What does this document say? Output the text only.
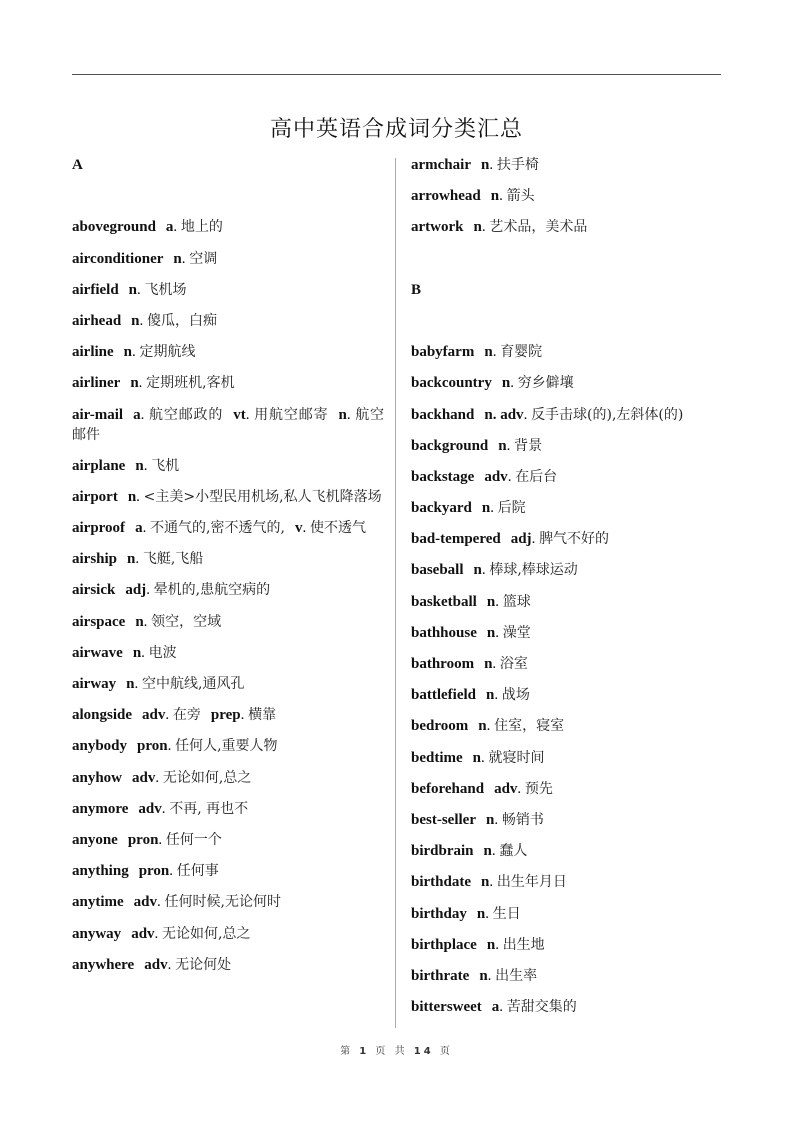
高中英语合成词分类汇总
A
aboveground a. 地上的
airconditioner n. 空调
airfield n. 飞机场
airhead n. 傻瓜，白痴
airline n. 定期航线
airliner n. 定期班机,客机
air-mail a. 航空邮政的 vt. 用航空邮寄 n. 航空邮件
airplane n. 飞机
airport n. <主美>小型民用机场,私人飞机降落场
airproof a. 不通气的,密不透气的, v. 使不透气
airship n. 飞艇,飞船
airsick adj. 晕机的,患航空病的
airspace n. 领空，空域
airwave n. 电波
airway n. 空中航线,通风孔
alongside adv. 在旁 prep. 横靠
anybody pron. 任何人,重要人物
anyhow adv. 无论如何,总之
anymore adv. 不再, 再也不
anyone pron. 任何一个
anything pron. 任何事
anytime adv. 任何时候,无论何时
anyway adv. 无论如何,总之
anywhere adv. 无论何处
armchair n. 扶手椅
arrowhead n. 箭头
artwork n. 艺术品，美术品
B
babyfarm n. 育婴院
backcountry n. 穷乡僻壤
backhand n. adv. 反手击球(的),左斜体(的)
background n. 背景
backstage adv. 在后台
backyard n. 后院
bad-tempered adj. 脾气不好的
baseball n. 棒球,棒球运动
basketball n. 篮球
bathhouse n. 澡堂
bathroom n. 浴室
battlefield n. 战场
bedroom n. 住室，寝室
bedtime n. 就寝时间
beforehand adv. 预先
best-seller n. 畅销书
birdbrain n. 蠢人
birthdate n. 出生年月日
birthday n. 生日
birthplace n. 出生地
birthrate n. 出生率
bittersweet a. 苦甜交集的
第 1 页 共 14 页
